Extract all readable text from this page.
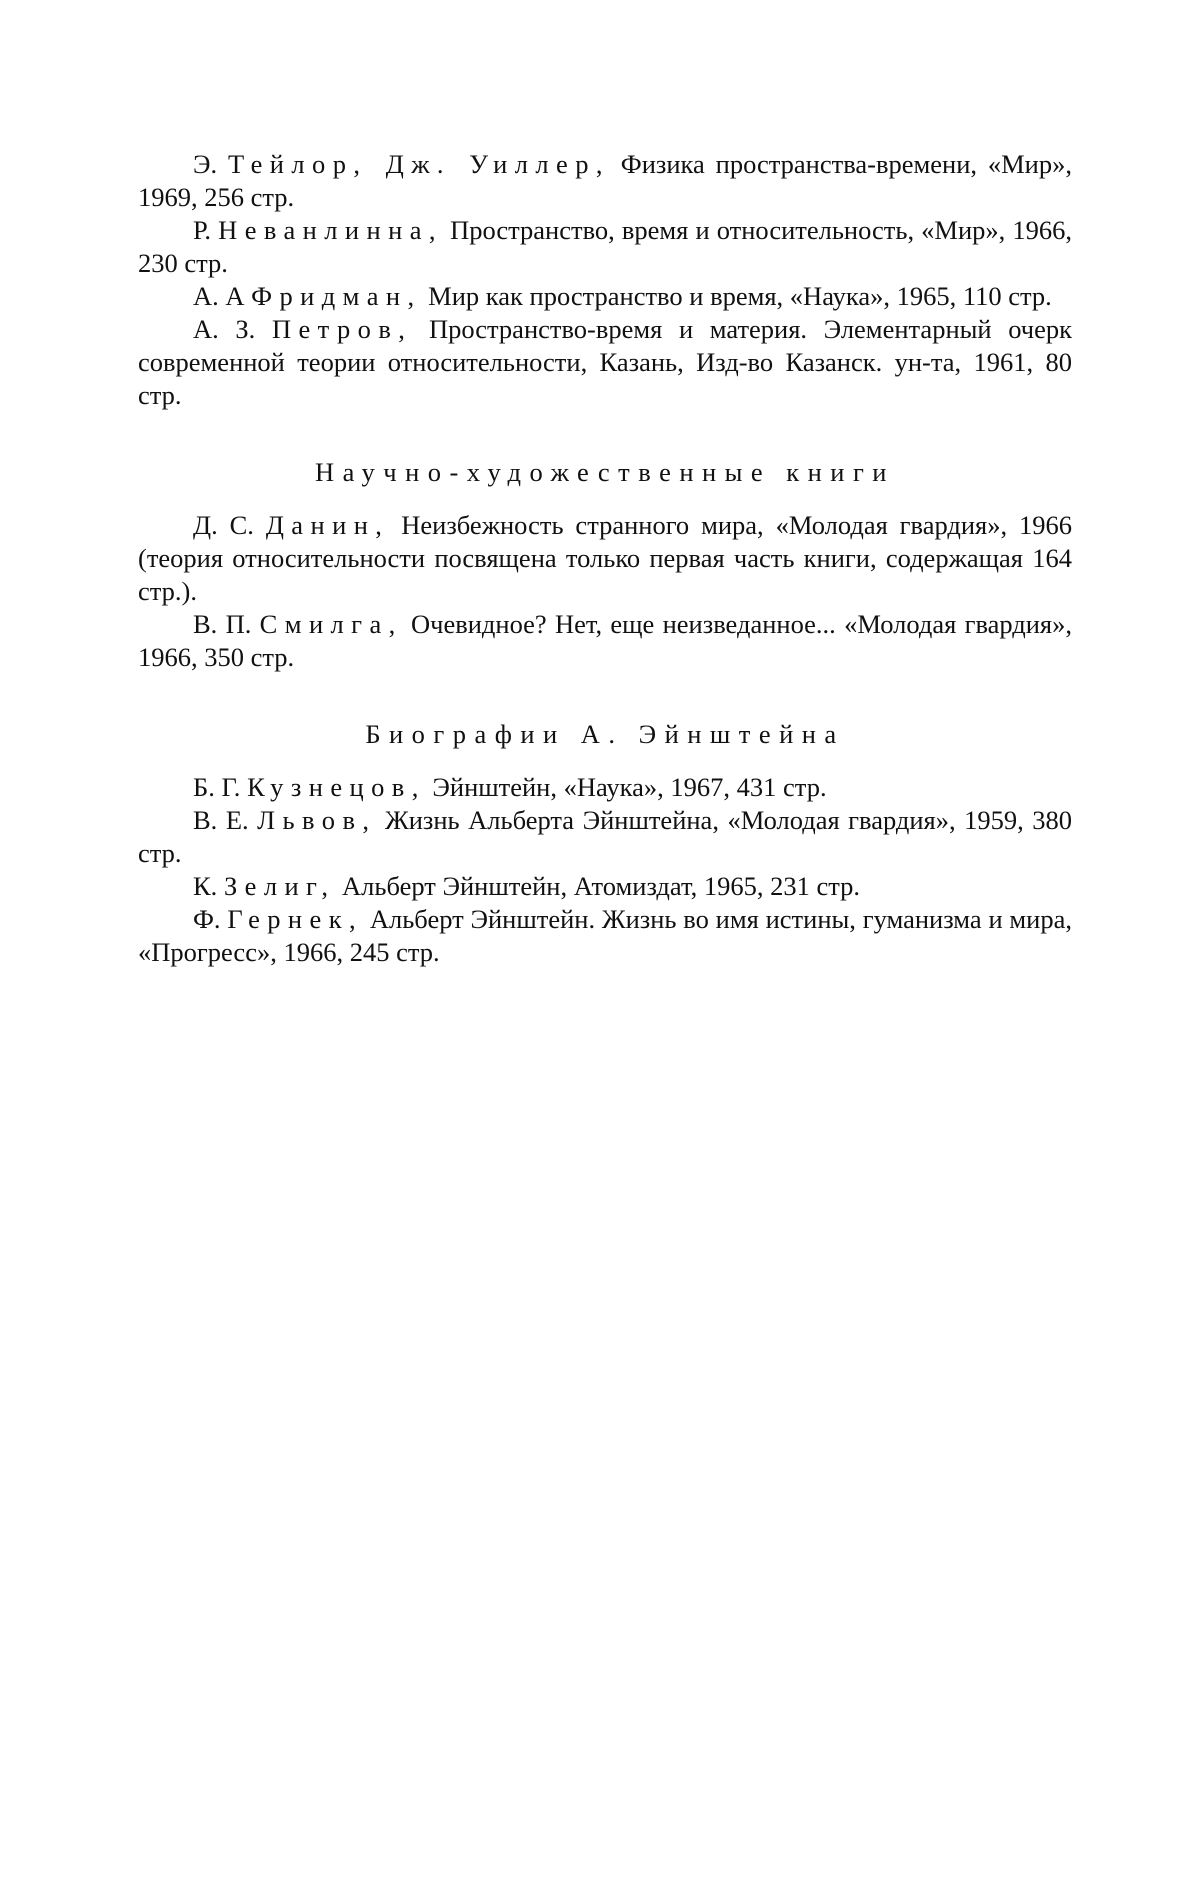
Э. Тейлор, Дж. Уиллер, Физика пространства-времени, «Мир», 1969, 256 стр.

Р. Неванлинна, Пространство, время и относительность, «Мир», 1966, 230 стр.

А. А Фридман, Мир как пространство и время, «Наука», 1965, 110 стр.

А. З. Петров, Пространство-время и материя. Элементарный очерк современной теории относительности, Казань, Изд-во Казанск. ун-та, 1961, 80 стр.

Научно-художественные книги

Д. С. Данин, Неизбежность странного мира, «Молодая гвардия», 1966 (теория относительности посвящена только первая часть книги, содержащая 164 стр.).

В. П. Смилга, Очевидное? Нет, еще неизведанное... «Молодая гвардия», 1966, 350 стр.

Биографии А. Эйнштейна

Б. Г. Кузнецов, Эйнштейн, «Наука», 1967, 431 стр.

В. Е. Львов, Жизнь Альберта Эйнштейна, «Молодая гвардия», 1959, 380 стр.

К. Зелиг, Альберт Эйнштейн, Атомиздат, 1965, 231 стр.

Ф. Гернек, Альберт Эйнштейн. Жизнь во имя истины, гуманизма и мира, «Прогресс», 1966, 245 стр.
